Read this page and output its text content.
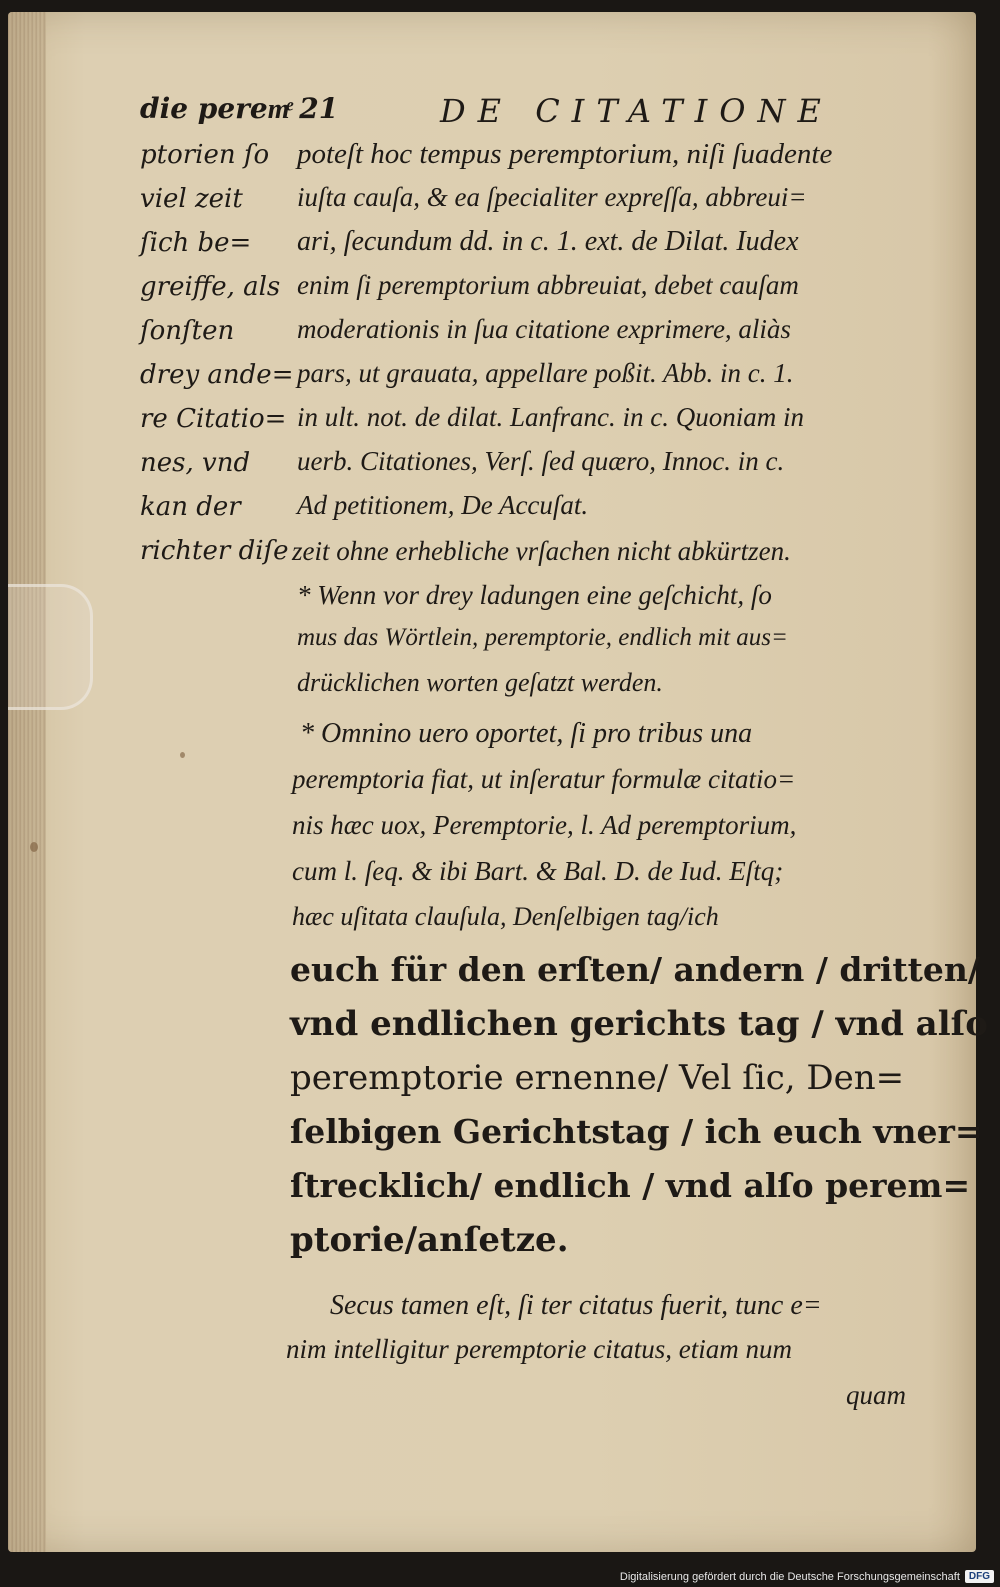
die peremͤ 21	DE CITATIONE
ptorien ſo
viel zeit
ſich be=
greiffe, als
ſonſten
drey ande=
re Citatio=
nes, vnd
kan der
richter diſe
poteſt hoc tempus peremptorium, niſi ſuadente
iuſta cauſa, & ea ſpecialiter expreſſa, abbreui=
ari, ſecundum dd. in c. 1. ext. de Dilat. Iudex
enim ſi peremptorium abbreuiat, debet cauſam
moderationis in ſua citatione exprimere, aliàs
pars, ut grauata, appellare poßit. Abb. in c. 1.
in ult. not. de dilat. Lanfranc. in c. Quoniam in
uerb. Citationes, Verſ. ſed quæro, Innoc. in c.
Ad petitionem, De Accuſat.
zeit ohne erhebliche vrſachen nicht abkürtzen.
* Wenn vor drey ladungen eine geſchicht, ſo
mus das Wörtlein, peremptorie, endlich mit aus=
drücklichen worten geſatzt werden.
* Omnino uero oportet, ſi pro tribus una
peremptoria fiat, ut inſeratur formulæ citatio=
nis hæc uox, Peremptorie, l. Ad peremptorium,
cum l. ſeq. & ibi Bart. & Bal. D. de Iud. Eſtq;
hæc uſitata clauſula, Denſelbigen tag/ich
euch für den erſten/ andern / dritten/
vnd endlichen gerichts tag / vnd alſo
peremptorie ernenne/ Vel ſic, Den=
ſelbigen Gerichtstag / ich euch vner=
ſtrecklich/ endlich / vnd alſo perem=
ptorie/anſetze.
Secus tamen eſt, ſi ter citatus fuerit, tunc e=
nim intelligitur peremptorie citatus, etiam num
quam
Digitalisierung gefördert durch die Deutsche Forschungsgemeinschaft DFG
